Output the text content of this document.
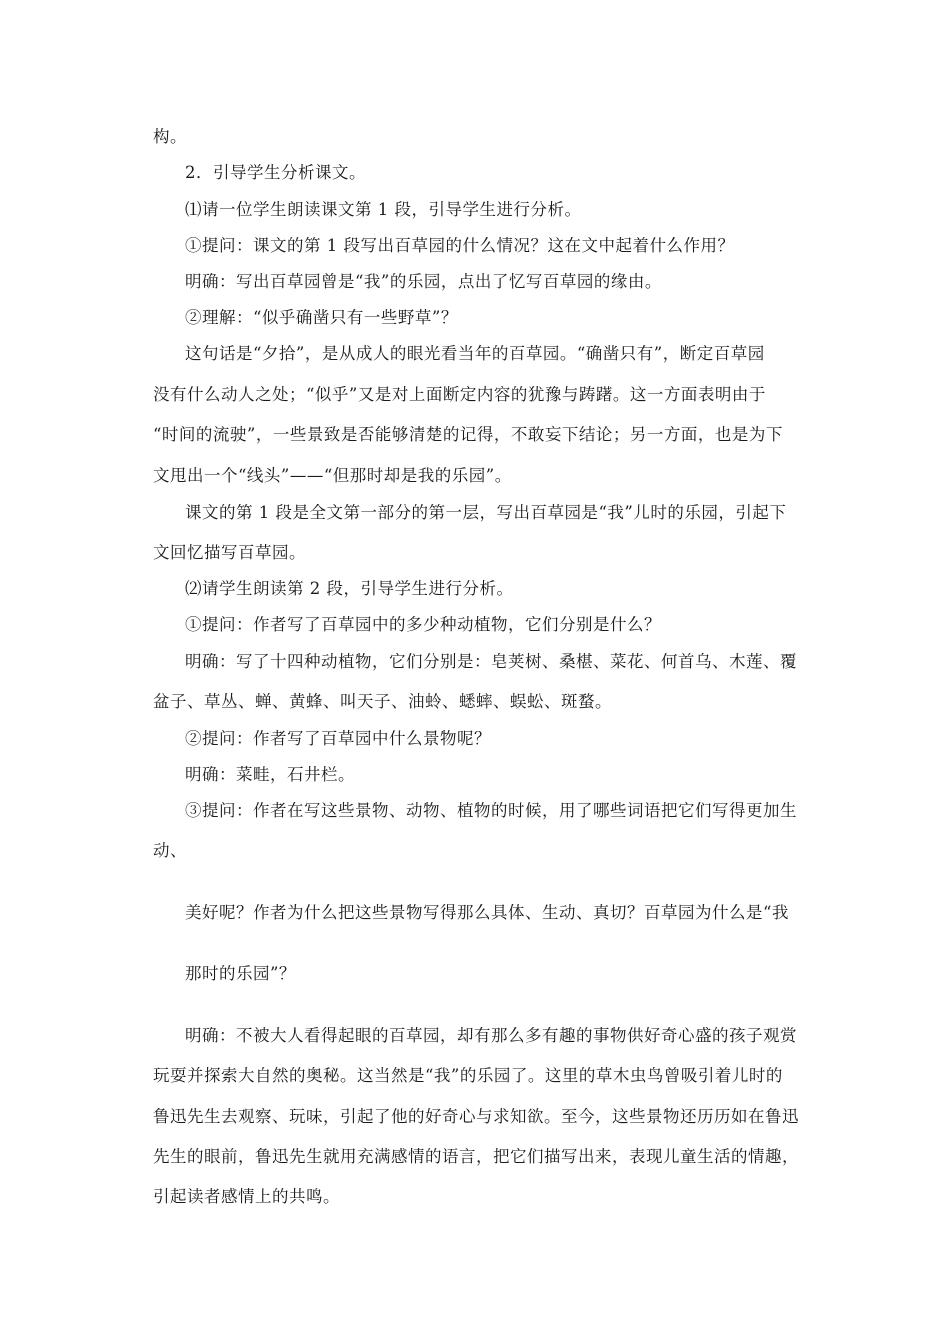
构。

2．引导学生分析课文。

⑴请一位学生朗读课文第 1 段，引导学生进行分析。

①提问：课文的第 1 段写出百草园的什么情况？这在文中起着什么作用？

明确：写出百草园曾是“我”的乐园，点出了忆写百草园的缘由。

②理解：“似乎确凿只有一些野草”？

这句话是“夕拾”，是从成人的眼光看当年的百草园。“确凿只有”，断定百草园

没有什么动人之处；“似乎”又是对上面断定内容的犹豫与踌躇。这一方面表明由于

“时间的流驶”，一些景致是否能够清楚的记得，不敢妄下结论；另一方面，也是为下

文甩出一个“线头”——“但那时却是我的乐园”。

课文的第 1 段是全文第一部分的第一层，写出百草园是“我”儿时的乐园，引起下

文回忆描写百草园。

⑵请学生朗读第 2 段，引导学生进行分析。

①提问：作者写了百草园中的多少种动植物，它们分别是什么？

明确：写了十四种动植物，它们分别是：皂荚树、桑椹、菜花、何首乌、木莲、覆

盆子、草丛、蝉、黄蜂、叫天子、油蛉、蟋蟀、蜈蚣、斑蝥。

②提问：作者写了百草园中什么景物呢？

明确：菜畦，石井栏。

③提问：作者在写这些景物、动物、植物的时候，用了哪些词语把它们写得更加生

动、

美好呢？作者为什么把这些景物写得那么具体、生动、真切？百草园为什么是“我

那时的乐园”？

明确：不被大人看得起眼的百草园，却有那么多有趣的事物供好奇心盛的孩子观赏

玩耍并探索大自然的奥秘。这当然是“我”的乐园了。这里的草木虫鸟曾吸引着儿时的

鲁迅先生去观察、玩味，引起了他的好奇心与求知欲。至今，这些景物还历历如在鲁迅

先生的眼前，鲁迅先生就用充满感情的语言，把它们描写出来，表现儿童生活的情趣，

引起读者感情上的共鸣。
